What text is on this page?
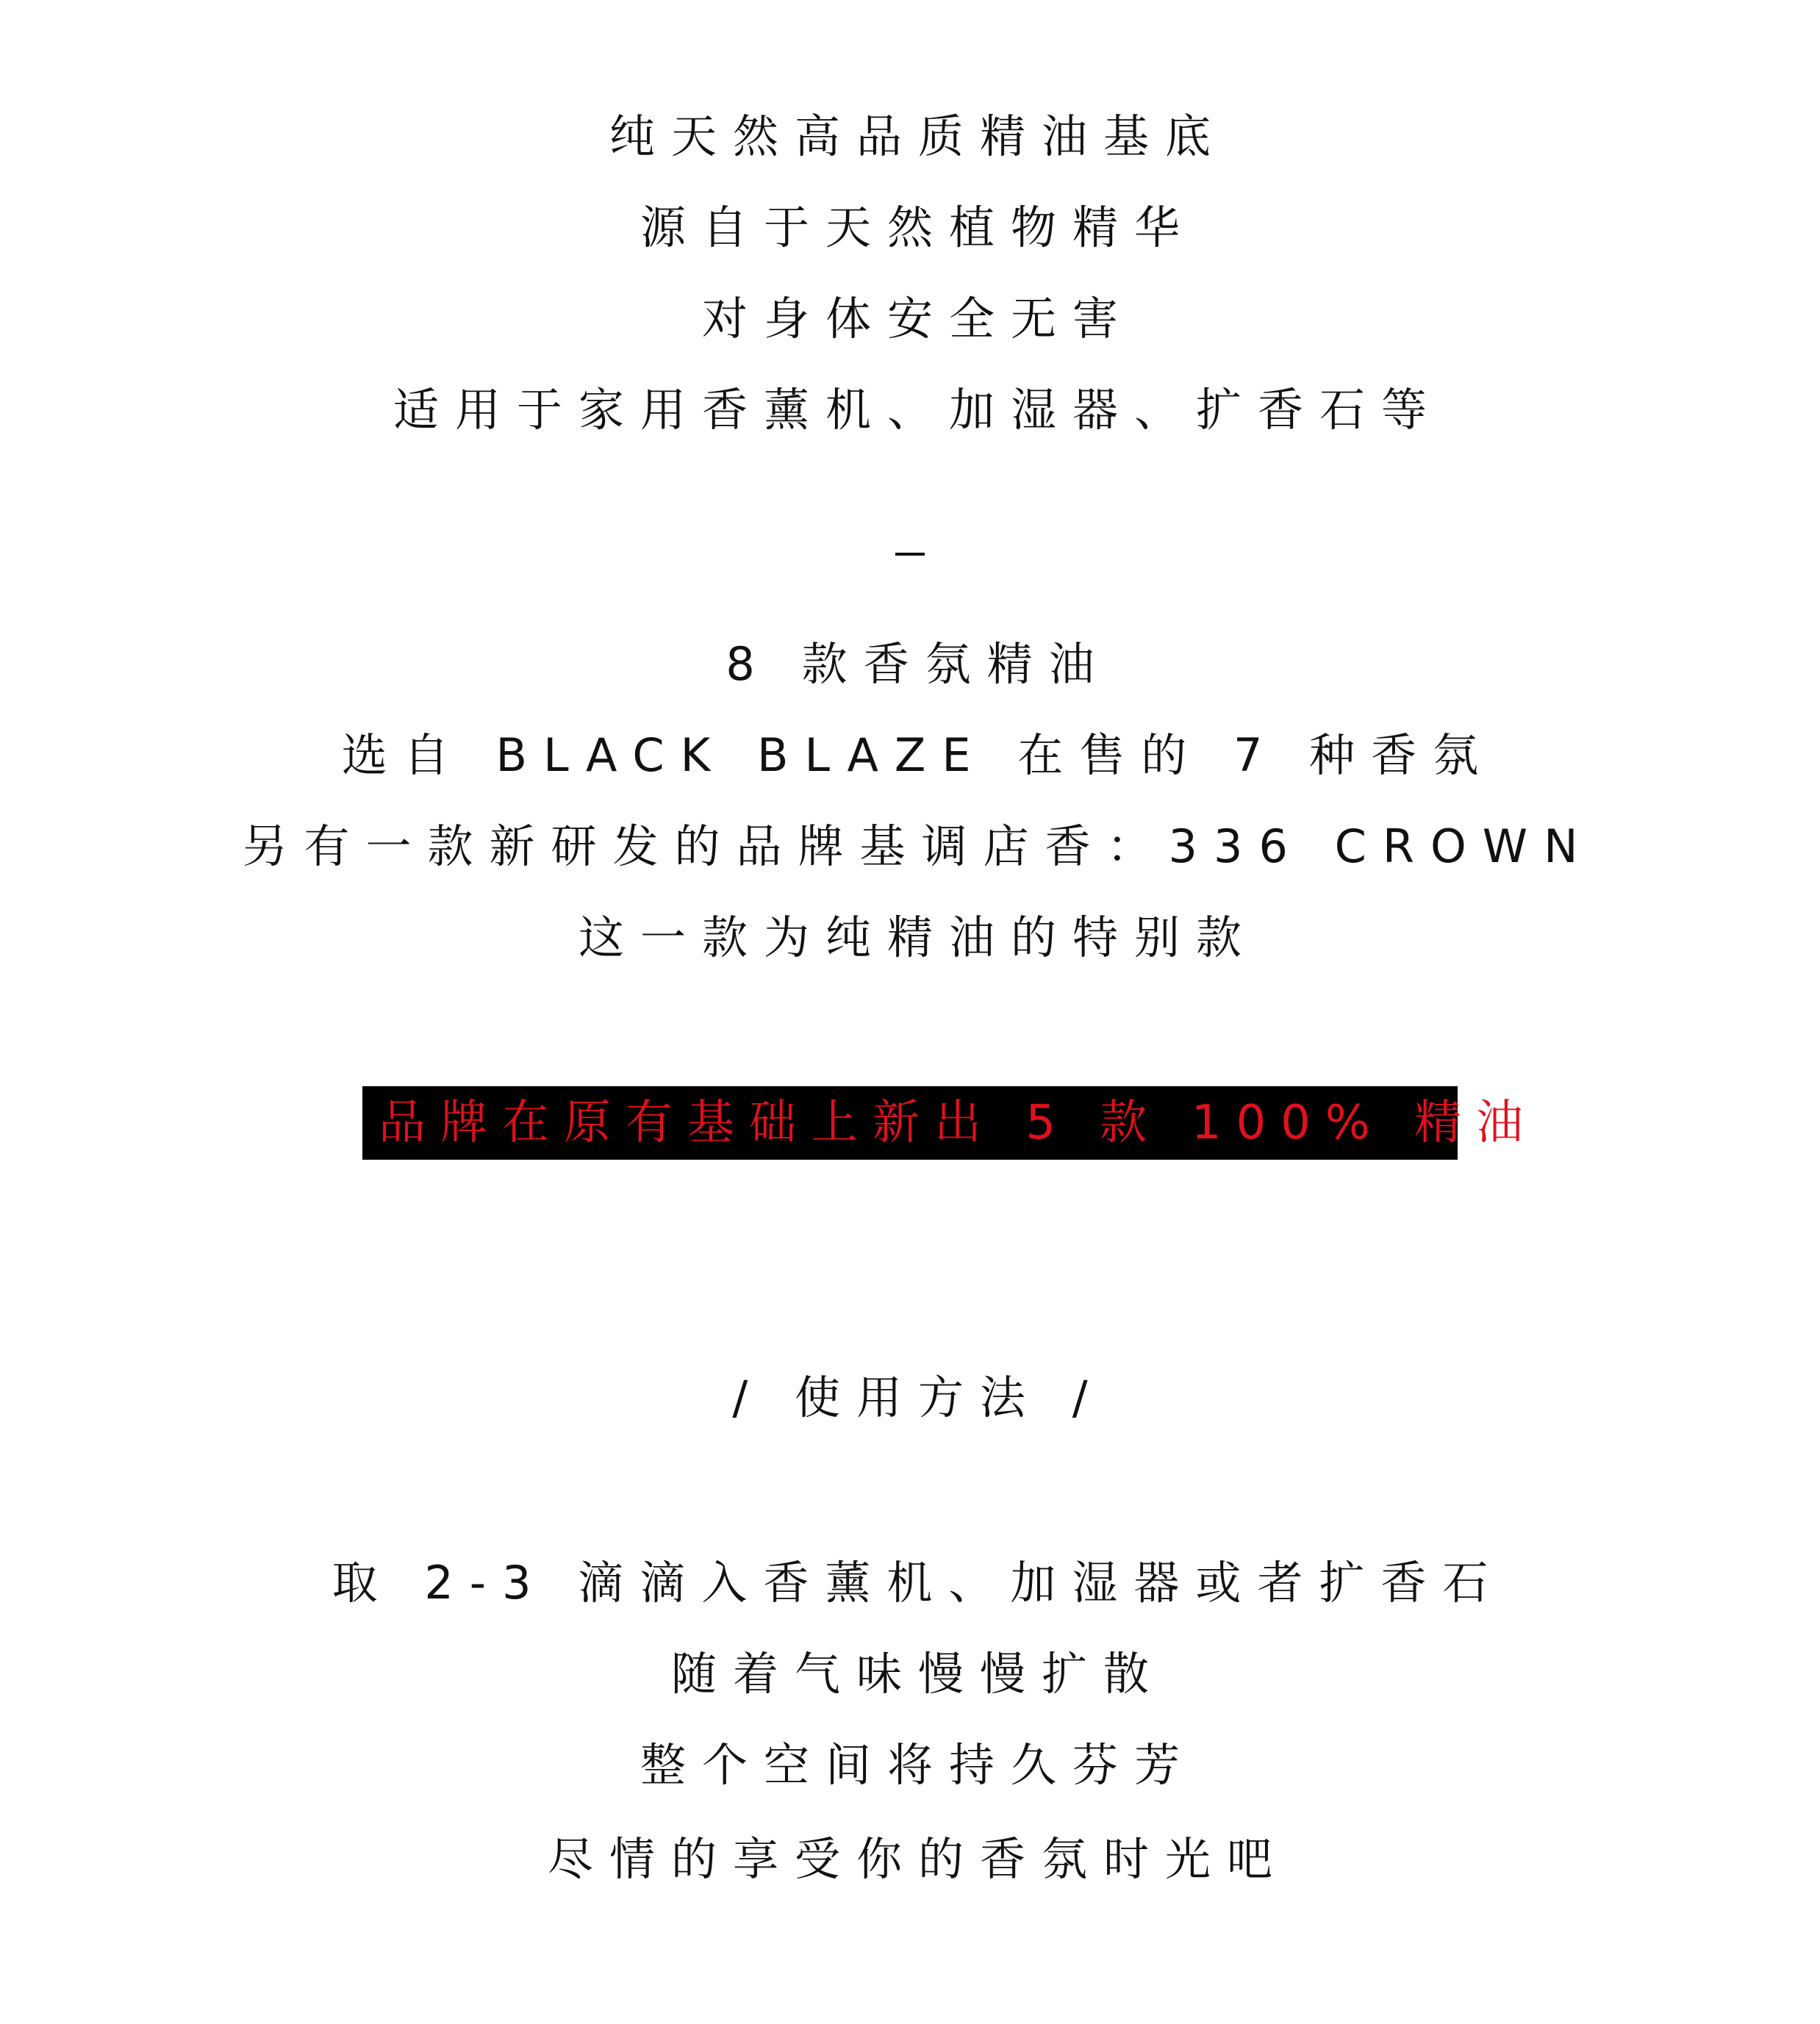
纯天然高品质精油基底
源自于天然植物精华
对身体安全无害
适用于家用香薰机、加湿器、扩香石等
8 款香氛精油
选自 BLACK BLAZE 在售的 7 种香氛
另有一款新研发的品牌基调店香：336 CROWN
这一款为纯精油的特别款
品牌在原有基础上新出 5 款 100% 精油
/ 使用方法 /
取 2-3 滴滴入香薰机、加湿器或者扩香石
随着气味慢慢扩散
整个空间将持久芬芳
尽情的享受你的香氛时光吧
